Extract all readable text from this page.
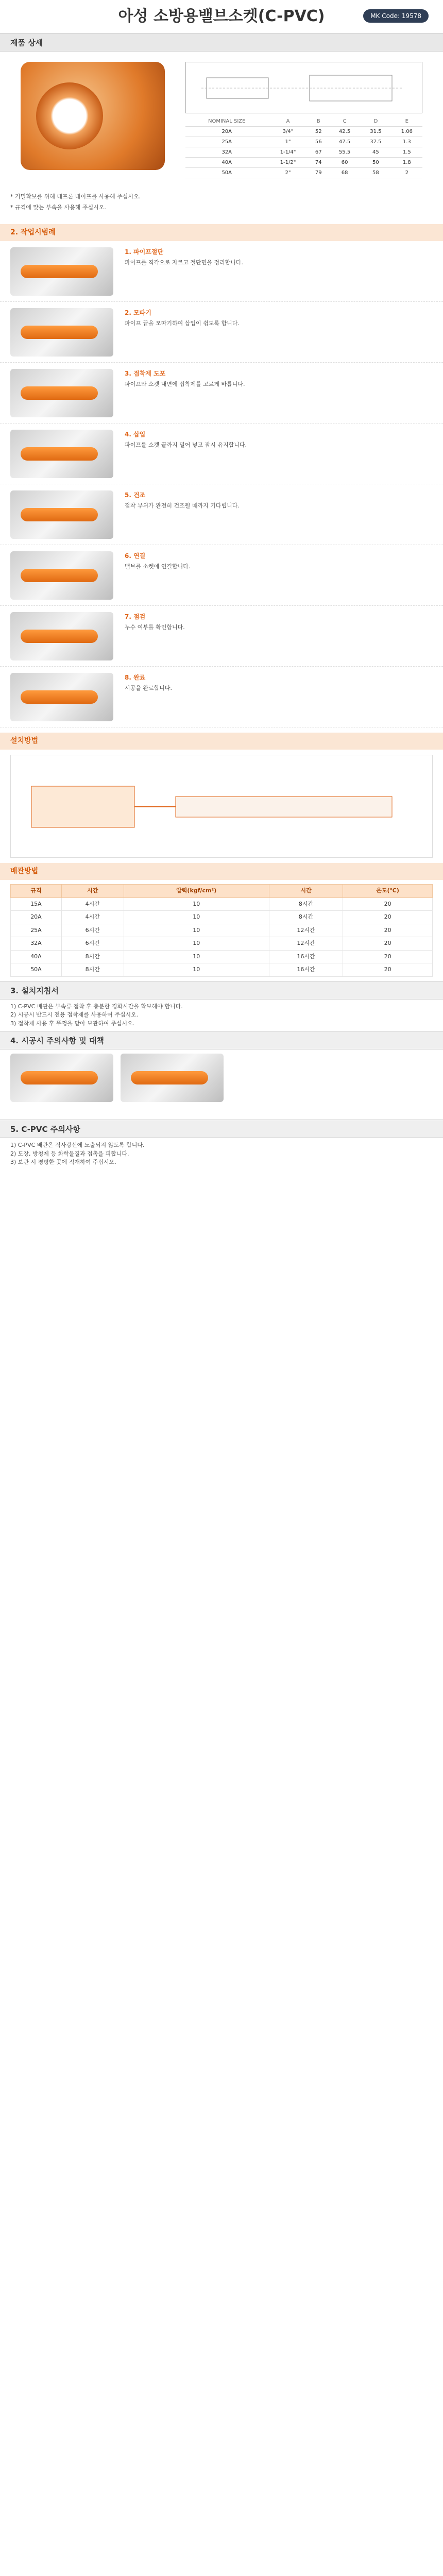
아성 소방용밸브소켓(C-PVC)	MK Code: 19578
제품 상세
NOMINAL SIZE	A	B	C	D	E
20A	3/4"	52	42.5	31.5	1.06
25A	1"	56	47.5	37.5	1.3
32A	1-1/4"	67	55.5	45	1.5
40A	1-1/2"	74	60	50	1.8
50A	2"	79	68	58	2

* 기밀확보를 위해 테프론 테이프를 사용해 주십시오.

* 규격에 맞는 부속을 사용해 주십시오.

2. 작업시범례
1. 파이프절단
파이프를 직각으로 자르고 절단면을 정리합니다.
2. 모따기
파이프 끝을 모따기하여 삽입이 쉽도록 합니다.
3. 접착제 도포
파이프와 소켓 내면에 접착제를 고르게 바릅니다.
4. 삽입
파이프를 소켓 끝까지 밀어 넣고 잠시 유지합니다.
5. 건조
접착 부위가 완전히 건조될 때까지 기다립니다.
6. 연결
밸브를 소켓에 연결합니다.
7. 점검
누수 여부를 확인합니다.
8. 완료
시공을 완료합니다.
설치방법
배관방법
규격	시간	압력(kgf/cm²)	시간	온도(℃)
15A	4시간	10	8시간	20
20A	4시간	10	8시간	20
25A	6시간	10	12시간	20
32A	6시간	10	12시간	20
40A	8시간	10	16시간	20
50A	8시간	10	16시간	20
3. 설치지침서

1) C-PVC 배관은 부속류 접착 후 충분한 경화시간을 확보해야 합니다.

2) 시공시 반드시 전용 접착제를 사용하여 주십시오.

3) 접착제 사용 후 뚜껑을 닫아 보관하여 주십시오.

4. 시공시 주의사항 및 대책
5. C-PVC 주의사항

1) C-PVC 배관은 직사광선에 노출되지 않도록 합니다.

2) 도장, 방청제 등 화학물질과 접촉을 피합니다.

3) 보관 시 평평한 곳에 적재하여 주십시오.
